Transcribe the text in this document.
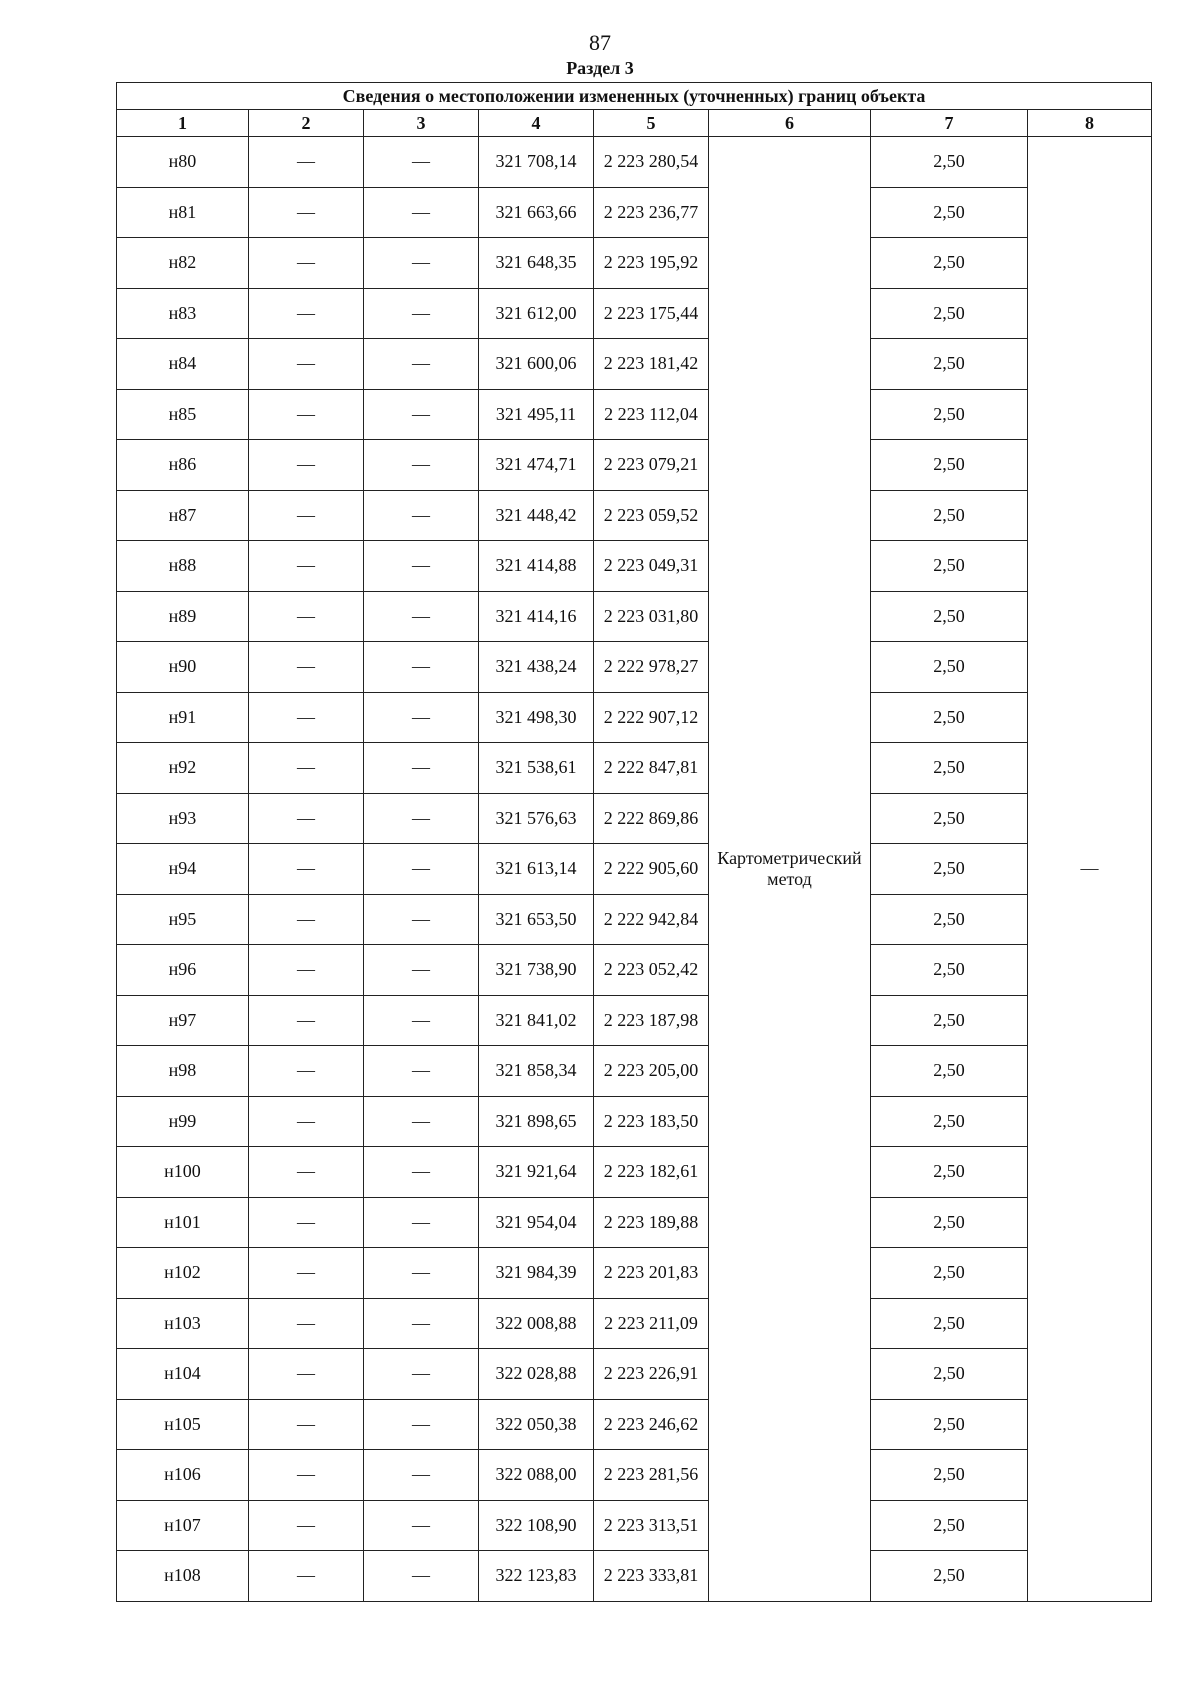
87
Раздел 3
Сведения о местоположении измененных (уточненных) границ объекта							
1	2	3	4	5	6	7	8
н80	—	—	321 708,14	2 223 280,54	Картометрический метод	2,50	—
н81	—	—	321 663,66	2 223 236,77		2,50	
н82	—	—	321 648,35	2 223 195,92		2,50	
н83	—	—	321 612,00	2 223 175,44		2,50	
н84	—	—	321 600,06	2 223 181,42		2,50	
н85	—	—	321 495,11	2 223 112,04		2,50	
н86	—	—	321 474,71	2 223 079,21		2,50	
н87	—	—	321 448,42	2 223 059,52		2,50	
н88	—	—	321 414,88	2 223 049,31		2,50	
н89	—	—	321 414,16	2 223 031,80		2,50	
н90	—	—	321 438,24	2 222 978,27		2,50	
н91	—	—	321 498,30	2 222 907,12		2,50	
н92	—	—	321 538,61	2 222 847,81		2,50	
н93	—	—	321 576,63	2 222 869,86		2,50	
н94	—	—	321 613,14	2 222 905,60		2,50	
н95	—	—	321 653,50	2 222 942,84		2,50	
н96	—	—	321 738,90	2 223 052,42		2,50	
н97	—	—	321 841,02	2 223 187,98		2,50	
н98	—	—	321 858,34	2 223 205,00		2,50	
н99	—	—	321 898,65	2 223 183,50		2,50	
н100	—	—	321 921,64	2 223 182,61		2,50	
н101	—	—	321 954,04	2 223 189,88		2,50	
н102	—	—	321 984,39	2 223 201,83		2,50	
н103	—	—	322 008,88	2 223 211,09		2,50	
н104	—	—	322 028,88	2 223 226,91		2,50	
н105	—	—	322 050,38	2 223 246,62		2,50	
н106	—	—	322 088,00	2 223 281,56		2,50	
н107	—	—	322 108,90	2 223 313,51		2,50	
н108	—	—	322 123,83	2 223 333,81		2,50	
